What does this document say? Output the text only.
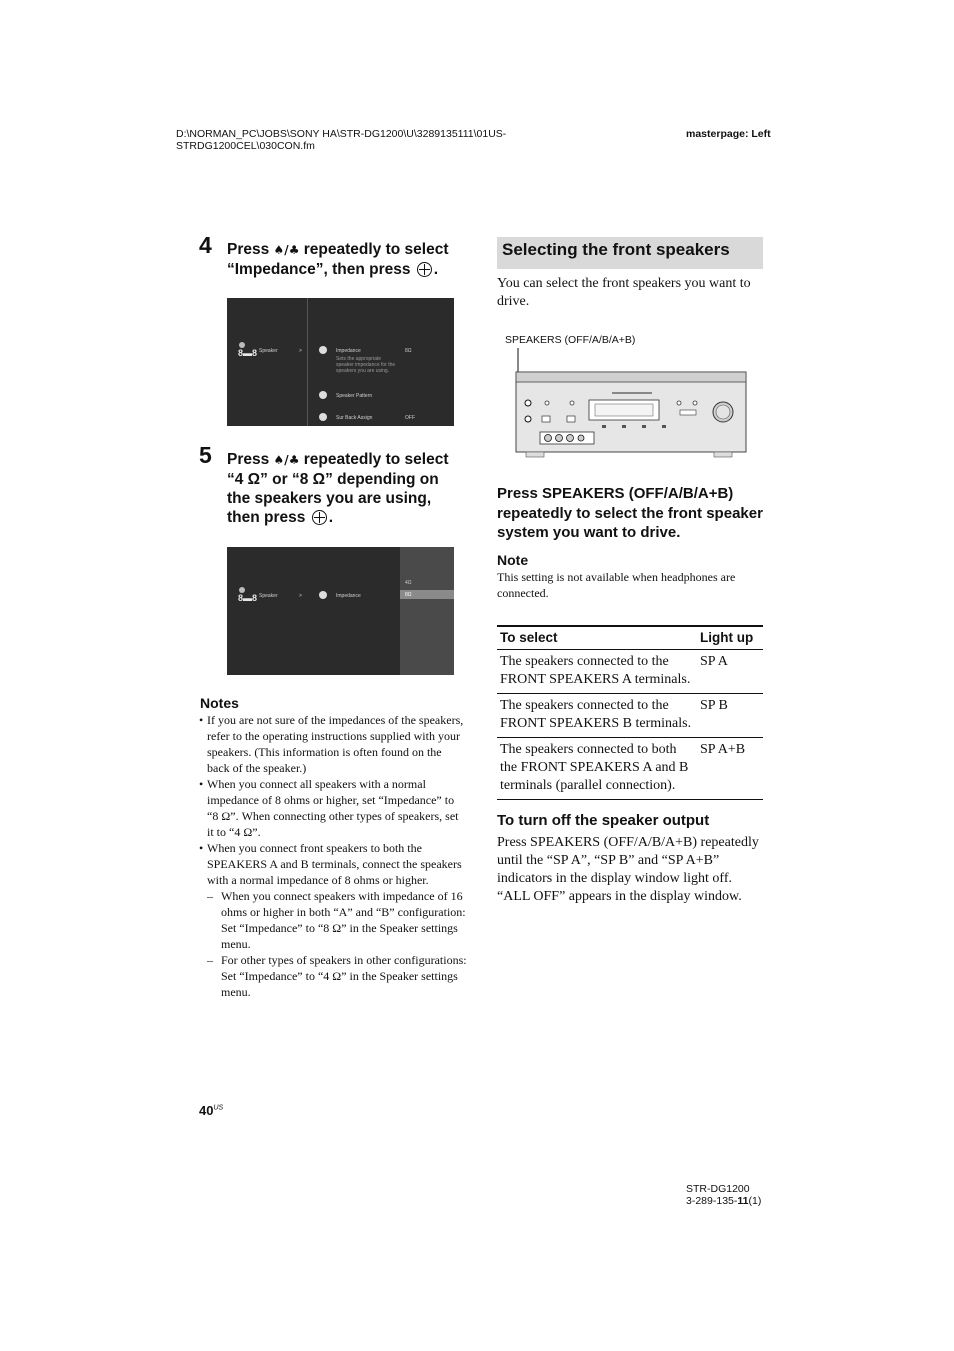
D:\NORMAN_PC\JOBS\SONY HA\STR-DG1200\U\3289135111\01US-
STRDG1200CEL\030CON.fm
masterpage: Left
4 Press ♠/♣ repeatedly to select
“Impedance”, then press .
8▬8 Speaker	>	Impedance	8Ω
Sets the appropriate
speaker impedance for the
speakers you are using.
Speaker Pattern
Sur Back Assign	OFF
5 Press ♠/♣ repeatedly to select
“4 Ω” or “8 Ω” depending on
the speakers you are using,
then press .
8▬8 Speaker	>	Impedance
4Ω
8Ω
Notes
• If you are not sure of the impedances of the speakers, refer to the operating instructions supplied with your speakers. (This information is often found on the back of the speaker.)
• When you connect all speakers with a normal impedance of 8 ohms or higher, set “Impedance” to “8 Ω”. When connecting other types of speakers, set it to “4 Ω”.
• When you connect front speakers to both the SPEAKERS A and B terminals, connect the speakers with a normal impedance of 8 ohms or higher.
– When you connect speakers with impedance of 16 ohms or higher in both “A” and “B” configuration:
Set “Impedance” to “8 Ω” in the Speaker settings menu.
– For other types of speakers in other configurations:
Set “Impedance” to “4 Ω” in the Speaker settings menu.
$40^{US}$
STR-DG1200
3-289-135-11(1)
Selecting the front speakers
You can select the front speakers you want to drive.
SPEAKERS (OFF/A/B/A+B)
Press SPEAKERS (OFF/A/B/A+B) repeatedly to select the front speaker system you want to drive.
Note
This setting is not available when headphones are connected.
To select	Light up
The speakers connected to the FRONT SPEAKERS A terminals.	SP A
The speakers connected to the FRONT SPEAKERS B terminals.	SP B
The speakers connected to both the FRONT SPEAKERS A and B terminals (parallel connection).	SP A+B
To turn off the speaker output
Press SPEAKERS (OFF/A/B/A+B) repeatedly until the “SP A”, “SP B” and “SP A+B” indicators in the display window light off.
“ALL OFF” appears in the display window.
